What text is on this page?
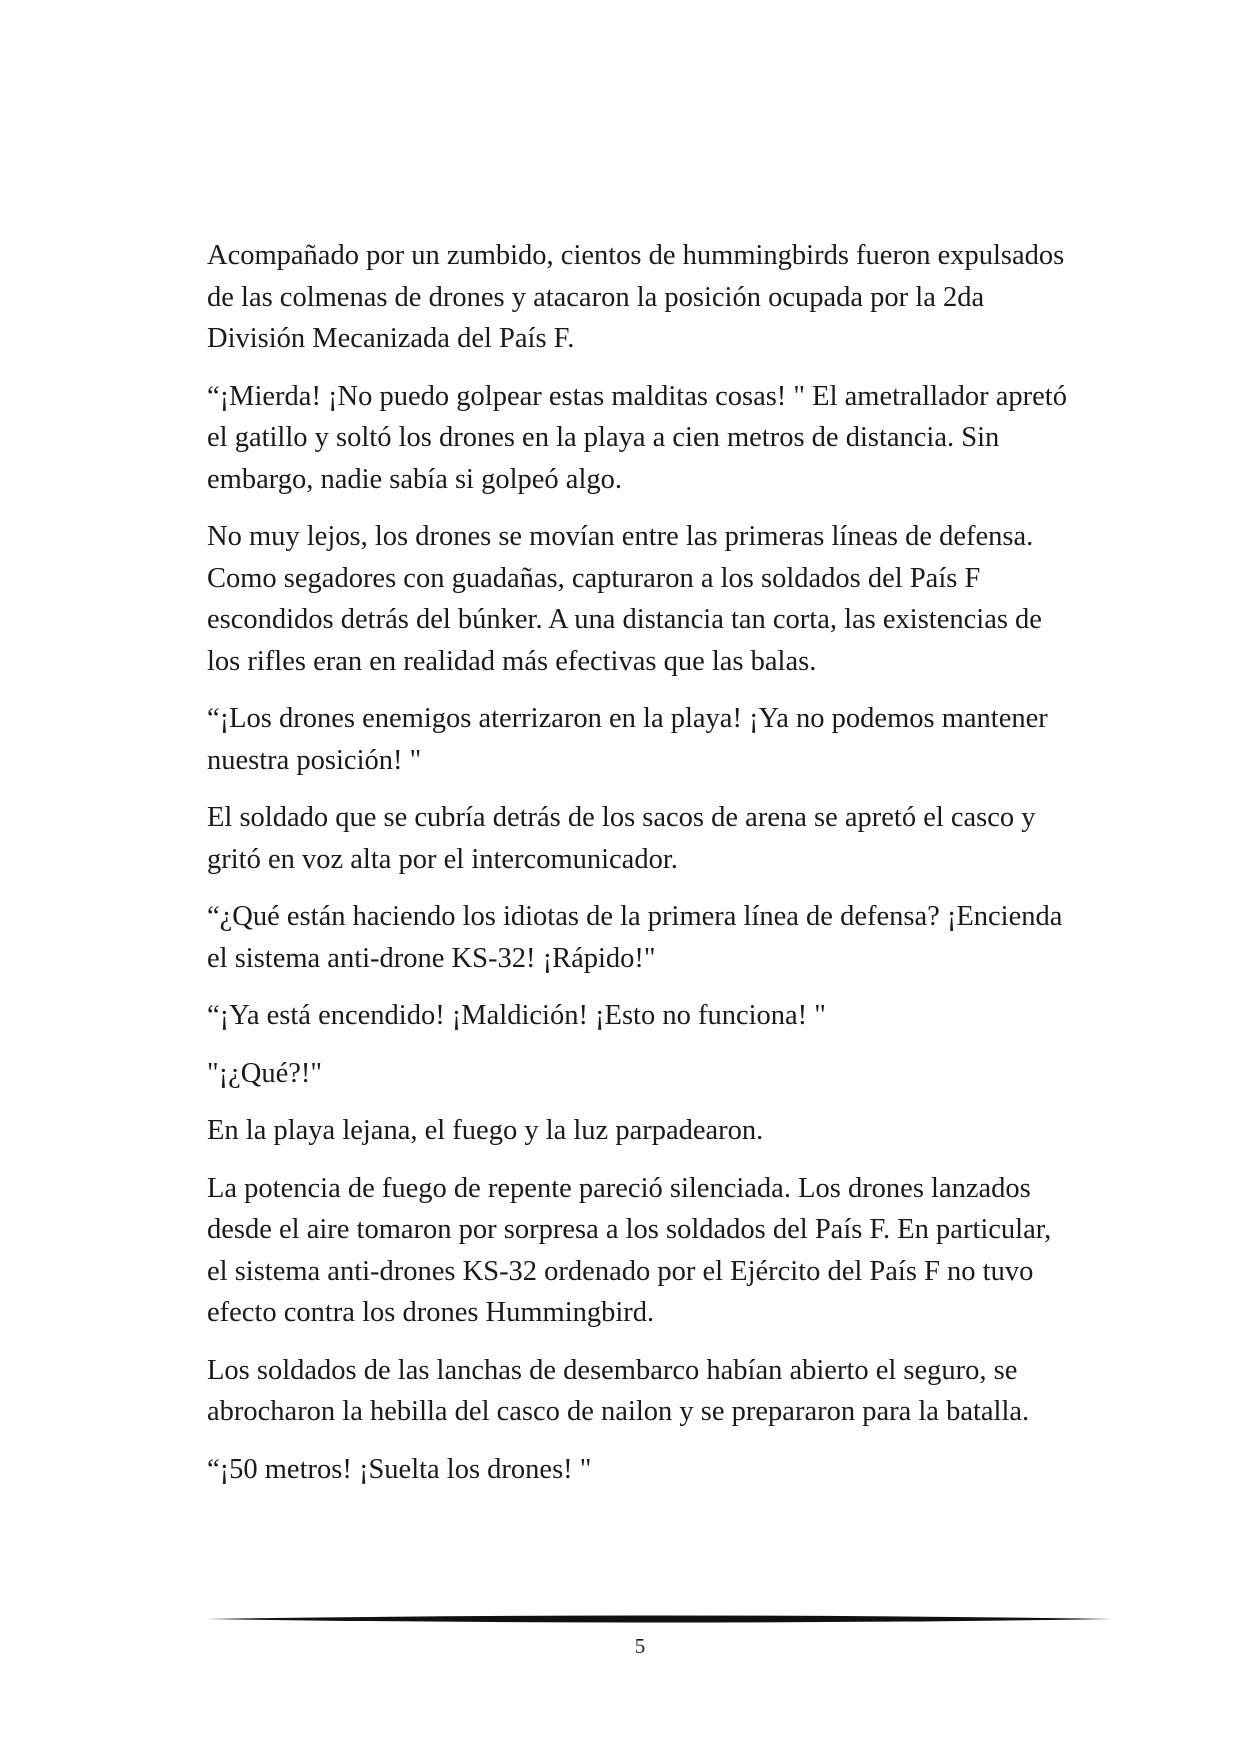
Acompañado por un zumbido, cientos de hummingbirds fueron expulsados de las colmenas de drones y atacaron la posición ocupada por la 2da División Mecanizada del País F.

“¡Mierda! ¡No puedo golpear estas malditas cosas! " El ametrallador apretó el gatillo y soltó los drones en la playa a cien metros de distancia. Sin embargo, nadie sabía si golpeó algo.

No muy lejos, los drones se movían entre las primeras líneas de defensa. Como segadores con guadañas, capturaron a los soldados del País F escondidos detrás del búnker. A una distancia tan corta, las existencias de los rifles eran en realidad más efectivas que las balas.

“¡Los drones enemigos aterrizaron en la playa! ¡Ya no podemos mantener nuestra posición! "

El soldado que se cubría detrás de los sacos de arena se apretó el casco y gritó en voz alta por el intercomunicador.

“¿Qué están haciendo los idiotas de la primera línea de defensa? ¡Encienda el sistema anti-drone KS-32! ¡Rápido!"

“¡Ya está encendido! ¡Maldición! ¡Esto no funciona! "

"¡¿Qué?!"

En la playa lejana, el fuego y la luz parpadearon.

La potencia de fuego de repente pareció silenciada. Los drones lanzados desde el aire tomaron por sorpresa a los soldados del País F. En particular, el sistema anti-drones KS-32 ordenado por el Ejército del País F no tuvo efecto contra los drones Hummingbird.

Los soldados de las lanchas de desembarco habían abierto el seguro, se abrocharon la hebilla del casco de nailon y se prepararon para la batalla.

“¡50 metros! ¡Suelta los drones! "

5
